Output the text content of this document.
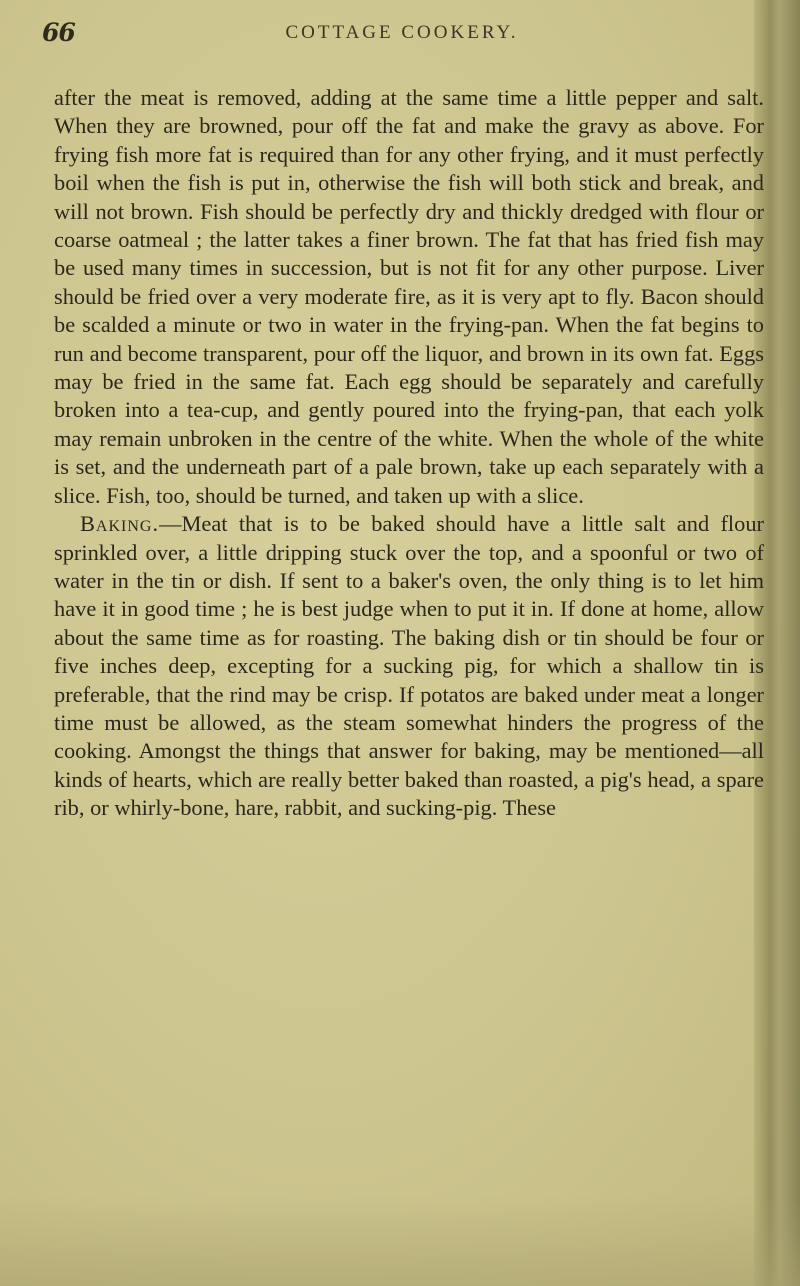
66	COTTAGE COOKERY.

after the meat is removed, adding at the same time a little pepper and salt. When they are browned, pour off the fat and make the gravy as above. For frying fish more fat is required than for any other frying, and it must perfectly boil when the fish is put in, otherwise the fish will both stick and break, and will not brown. Fish should be perfectly dry and thickly dredged with flour or coarse oatmeal ; the latter takes a finer brown. The fat that has fried fish may be used many times in succession, but is not fit for any other purpose. Liver should be fried over a very moderate fire, as it is very apt to fly. Bacon should be scalded a minute or two in water in the frying-pan. When the fat begins to run and become transparent, pour off the liquor, and brown in its own fat. Eggs may be fried in the same fat. Each egg should be separately and carefully broken into a tea-cup, and gently poured into the frying-pan, that each yolk may remain unbroken in the centre of the white. When the whole of the white is set, and the underneath part of a pale brown, take up each separately with a slice. Fish, too, should be turned, and taken up with a slice.

Baking.—Meat that is to be baked should have a little salt and flour sprinkled over, a little dripping stuck over the top, and a spoonful or two of water in the tin or dish. If sent to a baker's oven, the only thing is to let him have it in good time ; he is best judge when to put it in. If done at home, allow about the same time as for roasting. The baking dish or tin should be four or five inches deep, excepting for a sucking pig, for which a shallow tin is preferable, that the rind may be crisp. If potatos are baked under meat a longer time must be allowed, as the steam somewhat hinders the progress of the cooking. Amongst the things that answer for baking, may be mentioned—all kinds of hearts, which are really better baked than roasted, a pig's head, a spare rib, or whirly-bone, hare, rabbit, and sucking-pig. These
